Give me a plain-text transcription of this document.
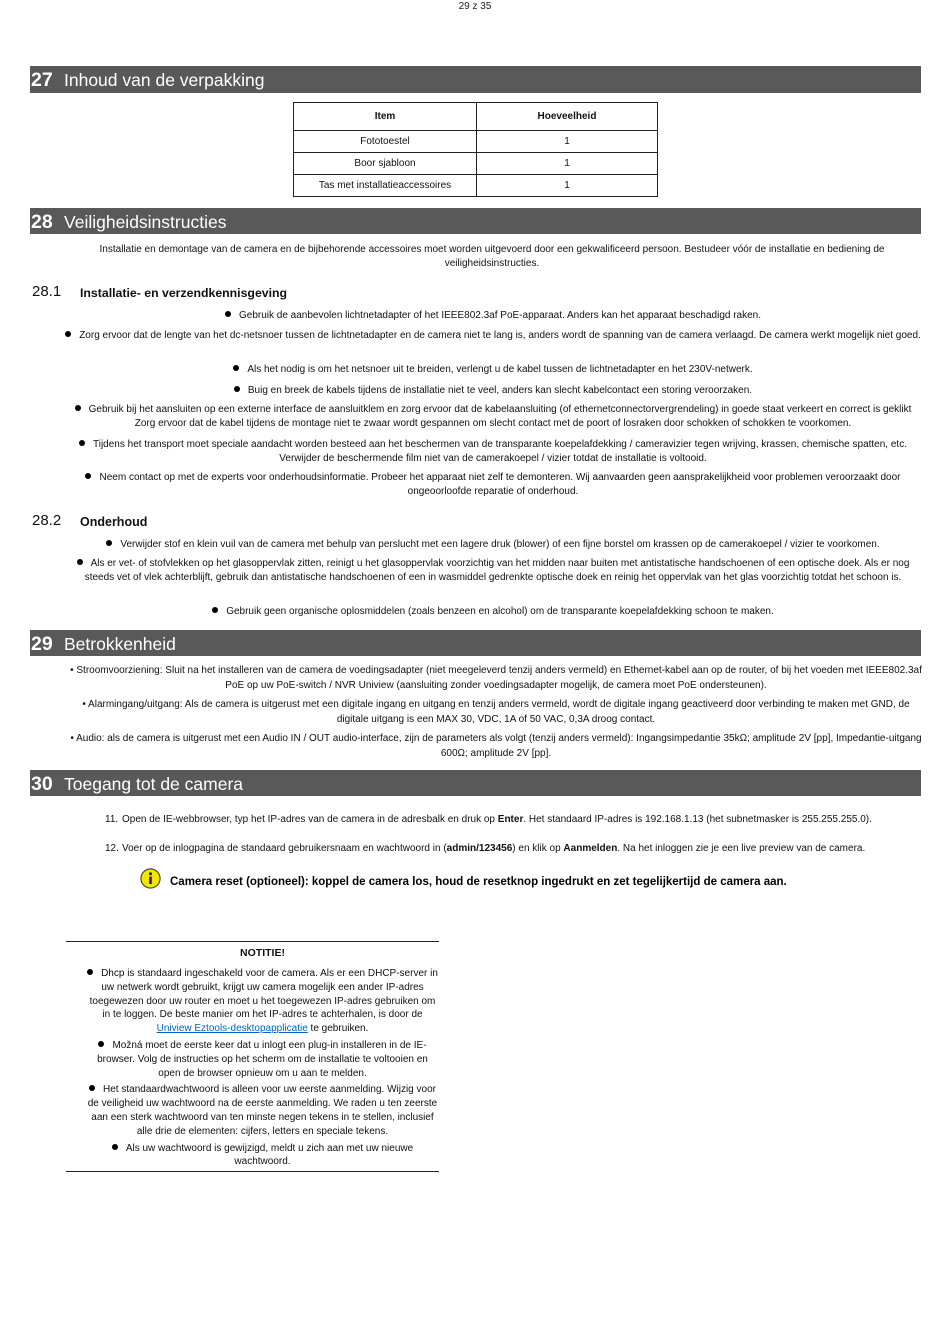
29 z 35
27 Inhoud van de verpakking
Item	Hoeveelheid
Fototoestel	1
Boor sjabloon	1
Tas met installatieaccessoires	1
28 Veiligheidsinstructies

Installatie en demontage van de camera en de bijbehorende accessoires moet worden uitgevoerd door een gekwalificeerd persoon. Bestudeer vóór de installatie en bediening de veiligheidsinstructies.

28.1 Installatie- en verzendkennisgeving

Gebruik de aanbevolen lichtnetadapter of het IEEE802.3af PoE-apparaat. Anders kan het apparaat beschadigd raken.

Zorg ervoor dat de lengte van het dc-netsnoer tussen de lichtnetadapter en de camera niet te lang is, anders wordt de spanning van de camera verlaagd. De camera werkt mogelijk niet goed.

Als het nodig is om het netsnoer uit te breiden, verlengt u de kabel tussen de lichtnetadapter en het 230V-netwerk.

Buig en breek de kabels tijdens de installatie niet te veel, anders kan slecht kabelcontact een storing veroorzaken.

Gebruik bij het aansluiten op een externe interface de aansluitklem en zorg ervoor dat de kabelaansluiting (of ethernetconnectorvergrendeling) in goede staat verkeert en correct is geklikt Zorg ervoor dat de kabel tijdens de montage niet te zwaar wordt gespannen om slecht contact met de poort of losraken door schokken of schokken te voorkomen.

Tijdens het transport moet speciale aandacht worden besteed aan het beschermen van de transparante koepelafdekking / cameravizier tegen wrijving, krassen, chemische spatten, etc. Verwijder de beschermende film niet van de camerakoepel / vizier totdat de installatie is voltooid.

Neem contact op met de experts voor onderhoudsinformatie. Probeer het apparaat niet zelf te demonteren. Wij aanvaarden geen aansprakelijkheid voor problemen veroorzaakt door ongeoorloofde reparatie of onderhoud.

28.2 Onderhoud

Verwijder stof en klein vuil van de camera met behulp van perslucht met een lagere druk (blower) of een fijne borstel om krassen op de camerakoepel / vizier te voorkomen.

Als er vet- of stofvlekken op het glasoppervlak zitten, reinigt u het glasoppervlak voorzichtig van het midden naar buiten met antistatische handschoenen of een optische doek. Als er nog steeds vet of vlek achterblijft, gebruik dan antistatische handschoenen of een in wasmiddel gedrenkte optische doek en reinig het oppervlak van het glas voorzichtig totdat het schoon is.

Gebruik geen organische oplosmiddelen (zoals benzeen en alcohol) om de transparante koepelafdekking schoon te maken.

29 Betrokkenheid

• Stroomvoorziening: Sluit na het installeren van de camera de voedingsadapter (niet meegeleverd tenzij anders vermeld) en Ethernet-kabel aan op de router, of bij het voeden met IEEE802.3af PoE op uw PoE-switch / NVR Uniview (aansluiting zonder voedingsadapter mogelijk, de camera moet PoE ondersteunen).

• Alarmingang/uitgang: Als de camera is uitgerust met een digitale ingang en uitgang en tenzij anders vermeld, wordt de digitale ingang geactiveerd door verbinding te maken met GND, de digitale uitgang is een MAX 30, VDC, 1A of 50 VAC, 0,3A droog contact.

• Audio: als de camera is uitgerust met een Audio IN / OUT audio-interface, zijn de parameters als volgt (tenzij anders vermeld): Ingangsimpedantie 35kΩ; amplitude 2V [pp], Impedantie-uitgang 600Ω; amplitude 2V [pp].

30 Toegang tot de camera

11. Open de IE-webbrowser, typ het IP-adres van de camera in de adresbalk en druk op Enter. Het standaard IP-adres is 192.168.1.13 (het subnetmasker is 255.255.255.0).

12. Voer op de inlogpagina de standaard gebruikersnaam en wachtwoord in (admin/123456) en klik op Aanmelden. Na het inloggen zie je een live preview van de camera.

Camera reset (optioneel): koppel de camera los, houd de resetknop ingedrukt en zet tegelijkertijd de camera aan.

NOTITIE!

Dhcp is standaard ingeschakeld voor de camera. Als er een DHCP-server in uw netwerk wordt gebruikt, krijgt uw camera mogelijk een ander IP-adres toegewezen door uw router en moet u het toegewezen IP-adres gebruiken om in te loggen. De beste manier om het IP-adres te achterhalen, is door de Uniview Eztools-desktopapplicatie te gebruiken.

Možná moet de eerste keer dat u inlogt een plug-in installeren in de IE-browser. Volg de instructies op het scherm om de installatie te voltooien en open de browser opnieuw om u aan te melden.

Het standaardwachtwoord is alleen voor uw eerste aanmelding. Wijzig voor de veiligheid uw wachtwoord na de eerste aanmelding. We raden u ten zeerste aan een sterk wachtwoord van ten minste negen tekens in te stellen, inclusief alle drie de elementen: cijfers, letters en speciale tekens.

Als uw wachtwoord is gewijzigd, meldt u zich aan met uw nieuwe wachtwoord.
